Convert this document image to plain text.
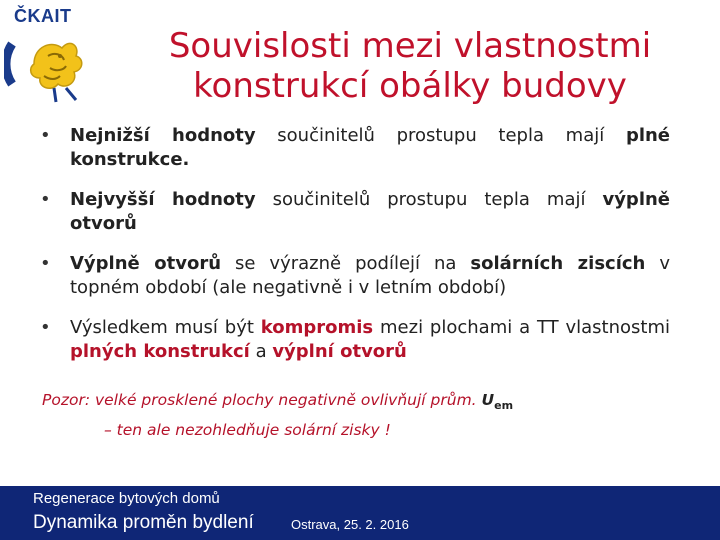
ČKAIT
Souvislosti mezi vlastnostmi konstrukcí obálky budovy
• Nejnižší hodnoty součinitelů prostupu tepla mají plné konstrukce.
• Nejvyšší hodnoty součinitelů prostupu tepla mají výplně otvorů
• Výplně otvorů se výrazně podílejí na solárních ziscích v topném období (ale negativně i v letním období)
• Výsledkem musí být kompromis mezi plochami a TT vlastnostmi plných konstrukcí a výplní otvorů
Pozor: velké prosklené plochy negativně ovlivňují prům. $U_{em}$
– ten ale nezohledňuje solární zisky !
Regenerace bytových domů
Dynamika proměn bydlení	Ostrava, 25. 2. 2016
